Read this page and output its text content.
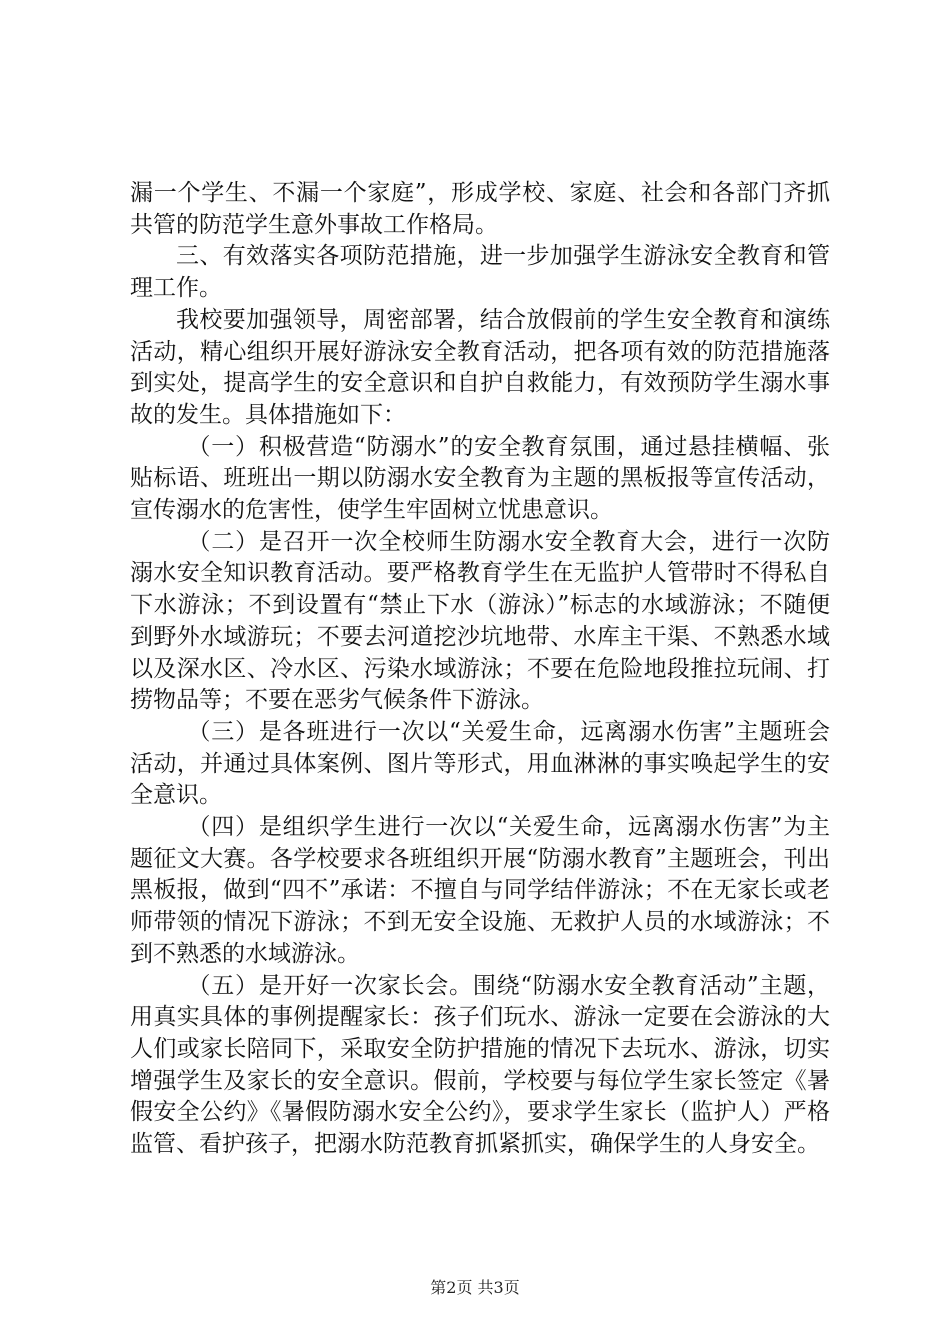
漏一个学生、不漏一个家庭”，形成学校、家庭、社会和各部门齐抓共管的防范学生意外事故工作格局。

三、有效落实各项防范措施，进一步加强学生游泳安全教育和管理工作。

我校要加强领导，周密部署，结合放假前的学生安全教育和演练活动，精心组织开展好游泳安全教育活动，把各项有效的防范措施落到实处，提高学生的安全意识和自护自救能力，有效预防学生溺水事故的发生。具体措施如下：

（一）积极营造“防溺水”的安全教育氛围，通过悬挂横幅、张贴标语、班班出一期以防溺水安全教育为主题的黑板报等宣传活动，宣传溺水的危害性，使学生牢固树立忧患意识。

（二）是召开一次全校师生防溺水安全教育大会，进行一次防溺水安全知识教育活动。要严格教育学生在无监护人管带时不得私自下水游泳；不到设置有“禁止下水（游泳）”标志的水域游泳；不随便到野外水域游玩；不要去河道挖沙坑地带、水库主干渠、不熟悉水域以及深水区、冷水区、污染水域游泳；不要在危险地段推拉玩闹、打捞物品等；不要在恶劣气候条件下游泳。

（三）是各班进行一次以“关爱生命，远离溺水伤害”主题班会活动，并通过具体案例、图片等形式，用血淋淋的事实唤起学生的安全意识。

（四）是组织学生进行一次以“关爱生命，远离溺水伤害”为主题征文大赛。各学校要求各班组织开展“防溺水教育”主题班会，刊出黑板报，做到“四不”承诺：不擅自与同学结伴游泳；不在无家长或老师带领的情况下游泳；不到无安全设施、无救护人员的水域游泳；不到不熟悉的水域游泳。

（五）是开好一次家长会。围绕“防溺水安全教育活动”主题，用真实具体的事例提醒家长：孩子们玩水、游泳一定要在会游泳的大人们或家长陪同下，采取安全防护措施的情况下去玩水、游泳，切实增强学生及家长的安全意识。假前，学校要与每位学生家长签定《暑假安全公约》《暑假防溺水安全公约》，要求学生家长（监护人）严格监管、看护孩子，把溺水防范教育抓紧抓实，确保学生的人身安全。

第2页 共3页
